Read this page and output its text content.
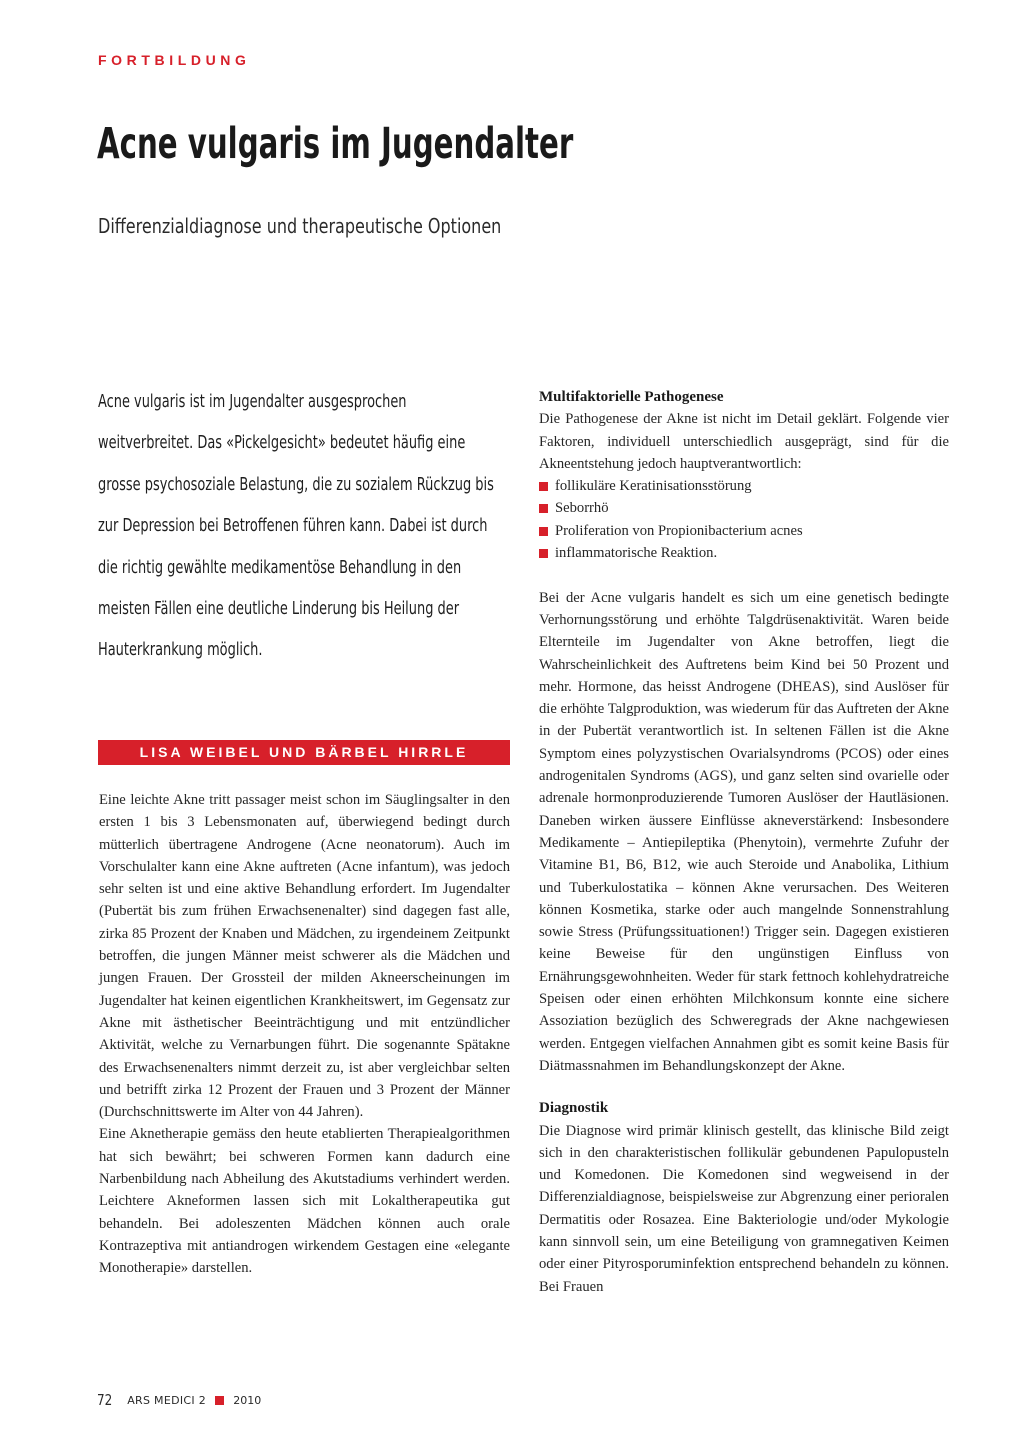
FORTBILDUNG
Acne vulgaris im Jugendalter
Differenzialdiagnose und therapeutische Optionen

Acne vulgaris ist im Jugendalter ausgesprochen weitverbreitet. Das «Pickelgesicht» bedeutet häufig eine grosse psychosoziale Belastung, die zu sozialem Rückzug bis zur Depression bei Betroffenen führen kann. Dabei ist durch die richtig gewählte medikamentöse Behandlung in den meisten Fällen eine deutliche Linderung bis Heilung der Hauterkrankung möglich.

LISA WEIBEL UND BÄRBEL HIRRLE

Eine leichte Akne tritt passager meist schon im Säuglingsalter in den ersten 1 bis 3 Lebensmonaten auf, überwiegend bedingt durch mütterlich übertragene Androgene (Acne neonatorum). Auch im Vorschulalter kann eine Akne auftreten (Acne infantum), was jedoch sehr selten ist und eine aktive Behandlung erfordert. Im Jugendalter (Pubertät bis zum frühen Erwachsenenalter) sind dagegen fast alle, zirka 85 Prozent der Knaben und Mädchen, zu irgendeinem Zeitpunkt betroffen, die jungen Männer meist schwerer als die Mädchen und jungen Frauen. Der Grossteil der milden Akneerscheinungen im Jugendalter hat keinen eigentlichen Krankheitswert, im Gegensatz zur Akne mit ästhetischer Beeinträchtigung und mit entzündlicher Aktivität, welche zu Vernarbungen führt. Die sogenannte Spätakne des Erwachsenenalters nimmt derzeit zu, ist aber vergleichbar selten und betrifft zirka 12 Prozent der Frauen und 3 Prozent der Männer (Durchschnittswerte im Alter von 44 Jahren).

Eine Aknetherapie gemäss den heute etablierten Therapiealgorithmen hat sich bewährt; bei schweren Formen kann dadurch eine Narbenbildung nach Abheilung des Akutstadiums verhindert werden. Leichtere Akneformen lassen sich mit Lokaltherapeutika gut behandeln. Bei adoleszenten Mädchen können auch orale Kontrazeptiva mit antiandrogen wirkendem Gestagen eine «elegante Monotherapie» darstellen.

Multifaktorielle Pathogenese

Die Pathogenese der Akne ist nicht im Detail geklärt. Folgende vier Faktoren, individuell unterschiedlich ausgeprägt, sind für die Akneentstehung jedoch hauptverantwortlich:

follikuläre Keratinisationsstörung
Seborrhö
Proliferation von Propionibacterium acnes
inflammatorische Reaktion.

Bei der Acne vulgaris handelt es sich um eine genetisch bedingte Verhornungsstörung und erhöhte Talgdrüsenaktivität. Waren beide Elternteile im Jugendalter von Akne betroffen, liegt die Wahrscheinlichkeit des Auftretens beim Kind bei 50 Prozent und mehr. Hormone, das heisst Androgene (DHEAS), sind Auslöser für die erhöhte Talgproduktion, was wiederum für das Auftreten der Akne in der Pubertät verantwortlich ist. In seltenen Fällen ist die Akne Symptom eines polyzystischen Ovarialsyndroms (PCOS) oder eines androgenitalen Syndroms (AGS), und ganz selten sind ovarielle oder adrenale hormonproduzierende Tumoren Auslöser der Hautläsionen. Daneben wirken äussere Einflüsse akneverstärkend: Insbesondere Medikamente – Antiepileptika (Phenytoin), vermehrte Zufuhr der Vitamine B1, B6, B12, wie auch Steroide und Anabolika, Lithium und Tuberkulostatika – können Akne verursachen. Des Weiteren können Kosmetika, starke oder auch mangelnde Sonnenstrahlung sowie Stress (Prüfungssituationen!) Trigger sein. Dagegen existieren keine Beweise für den ungünstigen Einfluss von Ernährungsgewohnheiten. Weder für stark fettnoch kohlehydratreiche Speisen oder einen erhöhten Milchkonsum konnte eine sichere Assoziation bezüglich des Schweregrads der Akne nachgewiesen werden. Entgegen vielfachen Annahmen gibt es somit keine Basis für Diätmassnahmen im Behandlungskonzept der Akne.

Diagnostik

Die Diagnose wird primär klinisch gestellt, das klinische Bild zeigt sich in den charakteristischen follikulär gebundenen Papulopusteln und Komedonen. Die Komedonen sind wegweisend in der Differenzialdiagnose, beispielsweise zur Abgrenzung einer perioralen Dermatitis oder Rosazea. Eine Bakteriologie und/oder Mykologie kann sinnvoll sein, um eine Beteiligung von gramnegativen Keimen oder einer Pityrosporuminfektion entsprechend behandeln zu können. Bei Frauen

72 ARS MEDICI 2 2010
